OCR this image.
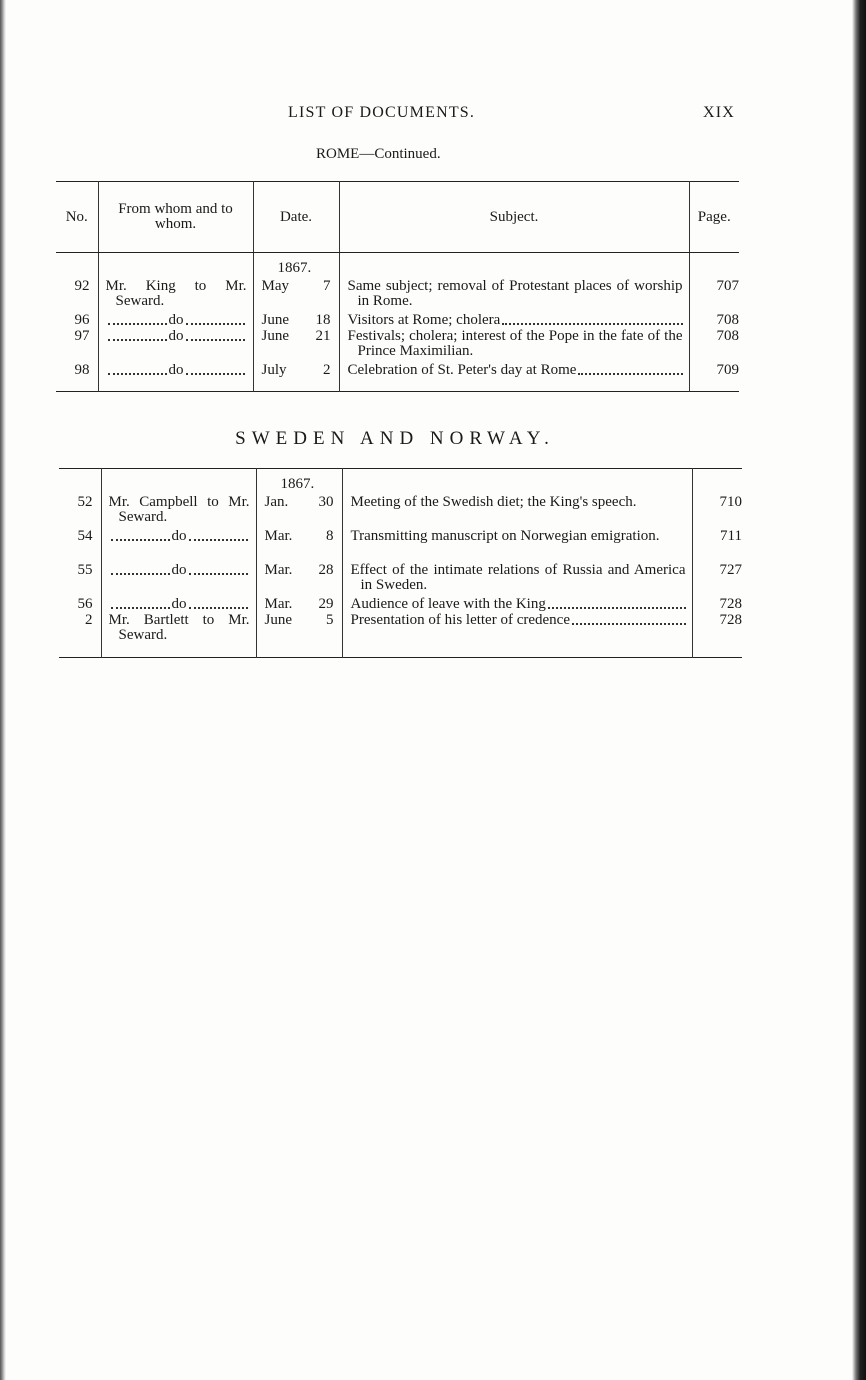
LIST OF DOCUMENTS.	XIX
ROME—Continued.
No.	From whom and to whom.	Date.	Subject.	Page.

		1867.		
92	Mr. King to Mr. Seward.	May 7	Same subject; removal of Protestant places of worship in Rome.	707
96	do	June 18	Visitors at Rome; cholera	708
97	do	June 21	Festivals; cholera; interest of the Pope in the fate of the Prince Maximilian.	708
98	do	July 2	Celebration of St. Peter's day at Rome	709

SWEDEN AND NORWAY.

		1867.		
52	Mr. Campbell to Mr. Seward.	Jan. 30	Meeting of the Swedish diet; the King's speech.	710
54	do	Mar. 8	Transmitting manuscript on Norwegian emigration.	711
55	do	Mar. 28	Effect of the intimate relations of Russia and America in Sweden.	727
56	do	Mar. 29	Audience of leave with the King	728
2	Mr. Bartlett to Mr. Seward.	June 5	Presentation of his letter of credence	728
